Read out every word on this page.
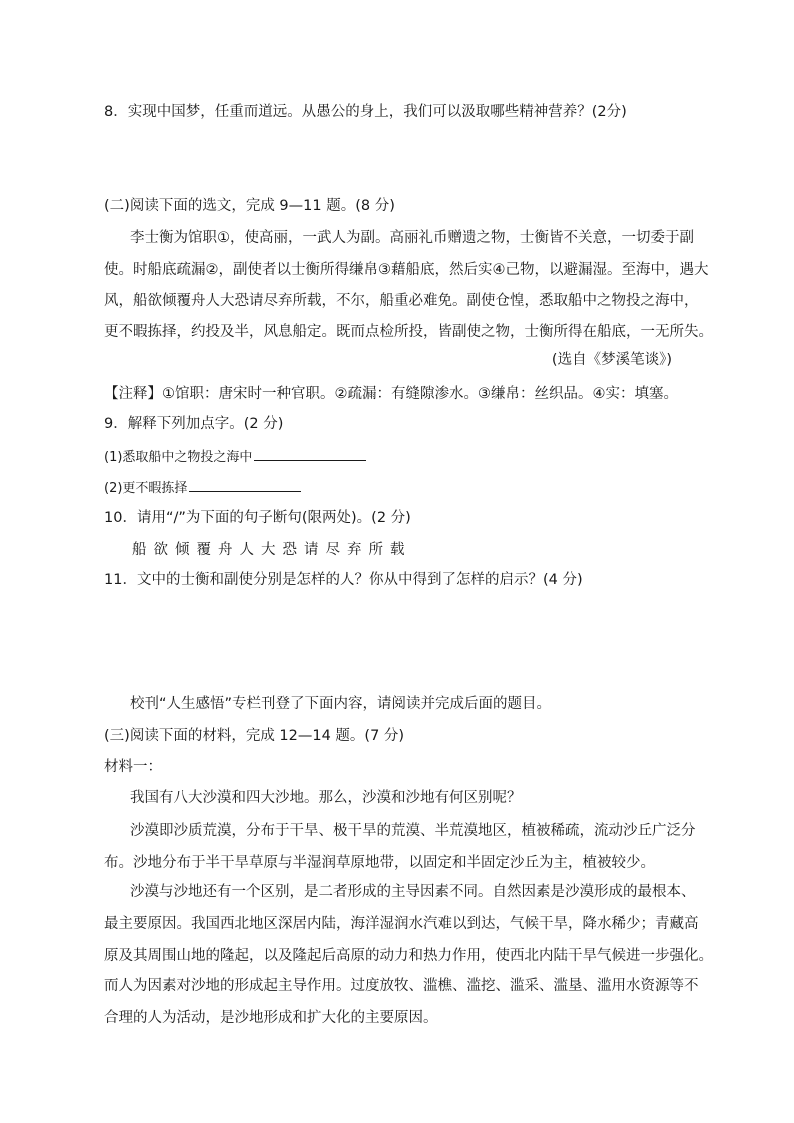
8．实现中国梦，任重而道远。从愚公的身上，我们可以汲取哪些精神营养？(2分)
(二)阅读下面的选文，完成 9—11 题。(8 分)
李士衡为馆职①，使高丽，一武人为副。高丽礼币赠遗之物，士衡皆不关意，一切委于副
使。时船底疏漏②，副使者以士衡所得缣帛③藉船底，然后实④己物，以避漏湿。至海中，遇大
风，船欲倾覆舟人大恐请尽弃所载，不尔，船重必难免。副使仓惶，悉取船中之物投之海中，
更不暇拣择，约投及半，风息船定。既而点检所投，皆副使之物，士衡所得在船底，一无所失。
(选自《梦溪笔谈》)
【注释】①馆职：唐宋时一种官职。②疏漏：有缝隙渗水。③缣帛：丝织品。④实：填塞。
9．解释下列加点字。(2 分)
(1)悉取船中之物投之海中
(2)更不暇拣择
10．请用“/”为下面的句子断句(限两处)。(2 分)
船欲倾覆舟人大恐请尽弃所载
11．文中的士衡和副使分别是怎样的人？你从中得到了怎样的启示？(4 分)
校刊“人生感悟”专栏刊登了下面内容，请阅读并完成后面的题目。
(三)阅读下面的材料，完成 12—14 题。(7 分)
材料一：
我国有八大沙漠和四大沙地。那么，沙漠和沙地有何区别呢？
沙漠即沙质荒漠，分布于干旱、极干旱的荒漠、半荒漠地区，植被稀疏，流动沙丘广泛分
布。沙地分布于半干旱草原与半湿润草原地带，以固定和半固定沙丘为主，植被较少。
沙漠与沙地还有一个区别，是二者形成的主导因素不同。自然因素是沙漠形成的最根本、
最主要原因。我国西北地区深居内陆，海洋湿润水汽难以到达，气候干旱，降水稀少；青藏高
原及其周围山地的隆起，以及隆起后高原的动力和热力作用，使西北内陆干旱气候进一步强化。
而人为因素对沙地的形成起主导作用。过度放牧、滥樵、滥挖、滥采、滥垦、滥用水资源等不
合理的人为活动，是沙地形成和扩大化的主要原因。
